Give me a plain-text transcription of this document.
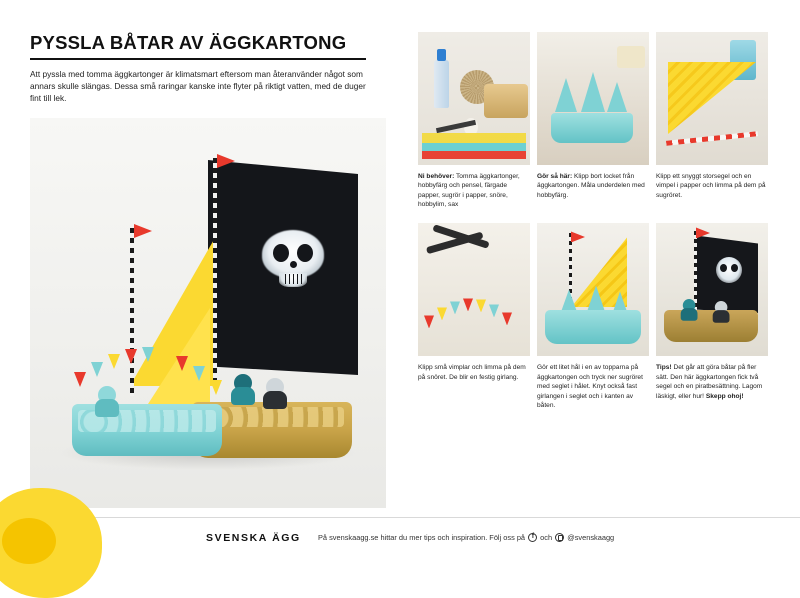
PYSSLA BÅTAR AV ÄGGKARTONG
Att pyssla med tomma äggkartonger är klimatsmart eftersom man återanvänder något som annars skulle slängas. Dessa små raringar kanske inte flyter på riktigt vatten, med de duger fint till lek.
Ni behöver: Tomma äggkartonger, hobbyfärg och pensel, färgade papper, sugrör i papper, snöre, hobbylim, sax
Gör så här: Klipp bort locket från äggkartongen. Måla underdelen med hobbyfärg.
Klipp ett snyggt storsegel och en vimpel i papper och limma på dem på sugröret.
Klipp små vimplar och limma på dem på snöret. De blir en festig girlang.
Gör ett litet hål i en av topparna på äggkartongen och tryck ner sugröret med seglet i hålet. Knyt också fast girlangen i seglet och i kanten av båten.
Tips! Det går att göra båtar på fler sätt. Den här äggkartongen fick två segel och en piratbesättning. Lagom läskigt, eller hur! Skepp ohoj!
SVENSKA ÄGG På svenskaagg.se hittar du mer tips och inspiration. Följ oss på f och @svenskaagg
